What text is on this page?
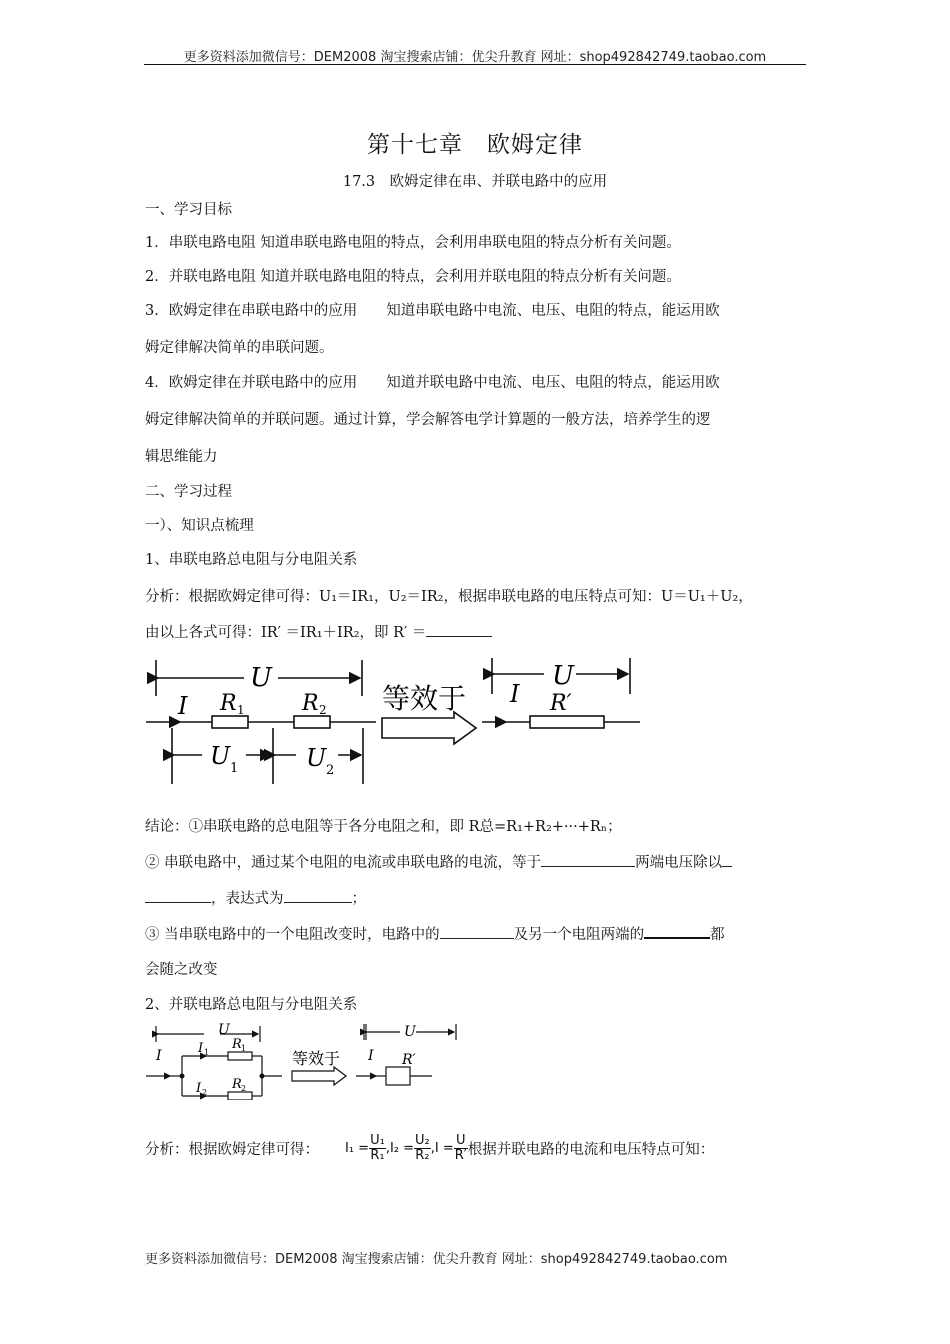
更多资料添加微信号：DEM2008 淘宝搜索店铺：优尖升教育 网址：shop492842749.taobao.com
第十七章　欧姆定律
17.3　欧姆定律在串、并联电路中的应用
一、学习目标
1．串联电路电阻 知道串联电路电阻的特点，会利用串联电阻的特点分析有关问题。
2．并联电路电阻 知道并联电路电阻的特点，会利用并联电阻的特点分析有关问题。
3．欧姆定律在串联电路中的应用　　知道串联电路中电流、电压、电阻的特点，能运用欧
姆定律解决简单的串联问题。
4．欧姆定律在并联电路中的应用　　知道并联电路中电流、电压、电阻的特点，能运用欧
姆定律解决简单的并联问题。通过计算，学会解答电学计算题的一般方法，培养学生的逻
辑思维能力
二、学习过程
一）、知识点梳理
1、串联电路总电阻与分电阻关系
分析：根据欧姆定律可得：U₁＝IR₁，U₂＝IR₂，根据串联电路的电压特点可知：U＝U₁＋U₂，
由以上各式可得：IR′ ＝IR₁＋IR₂，即 R′ ＝
U
I R 1	R 2
U 1	U 2
等效于
U
I R′
结论：①串联电路的总电阻等于各分电阻之和，即 R总=R₁+R₂+···+Rₙ；
② 串联电路中，通过某个电阻的电流或串联电路的电流，等于	两端电压除以
，表达式为	；
③ 当串联电路中的一个电阻改变时，电路中的	及另一个电阻两端的	都
会随之改变
2、并联电路总电阻与分电阻关系
U
I	I 1
R 1
I 2
R 2
等效于
U
I R′
分析：根据欧姆定律可得： $I_1 = \frac{\text{U₁}}{\text{R₁}}$ , $I_2 = \frac{\text{U₂}}{\text{R₂}}$ , $I = \frac{U}{R'}$ 根据并联电路的电流和电压特点可知：
更多资料添加微信号：DEM2008 淘宝搜索店铺：优尖升教育 网址：shop492842749.taobao.com
